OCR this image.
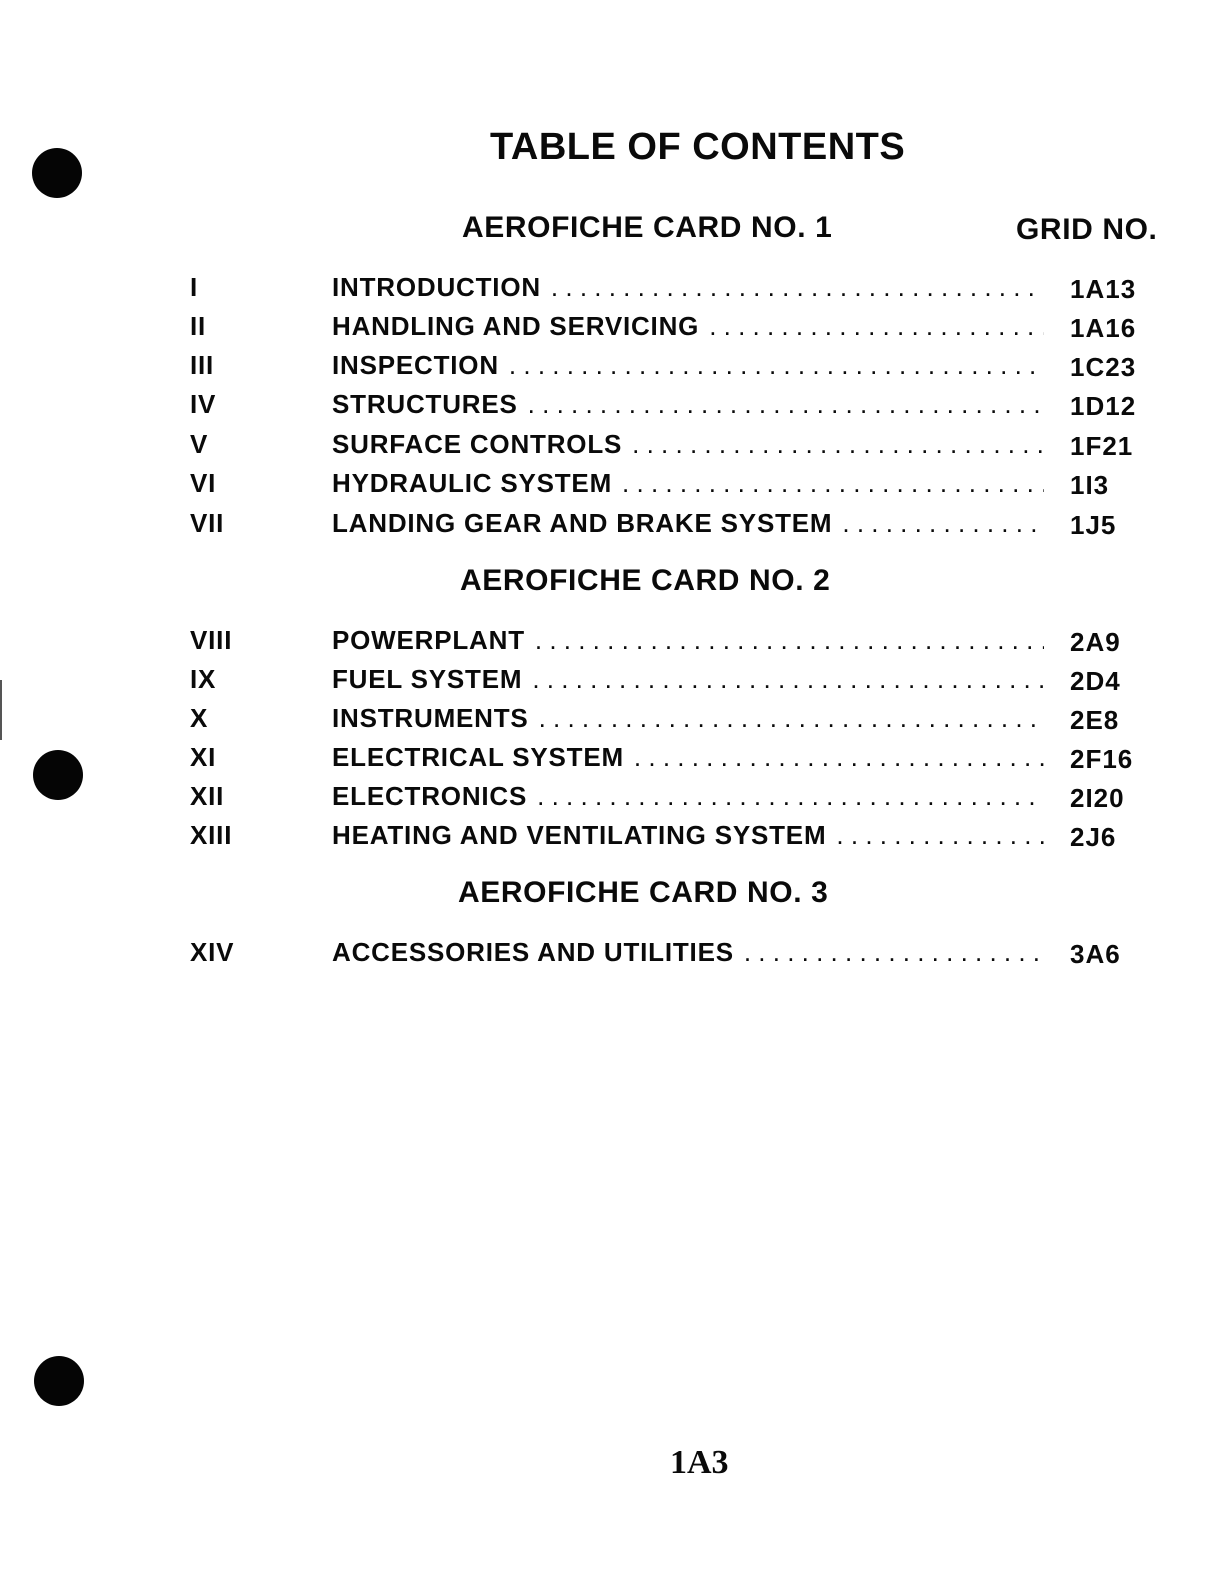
TABLE OF CONTENTS
AEROFICHE CARD NO. 1	GRID NO.
I	INTRODUCTION . . .	1A13
II	HANDLING AND SERVICING . . .	1A16
III	INSPECTION . . .	1C23
IV	STRUCTURES . . .	1D12
V	SURFACE CONTROLS . . .	1F21
VI	HYDRAULIC SYSTEM . . .	1I3
VII	LANDING GEAR AND BRAKE SYSTEM . . .	1J5
AEROFICHE CARD NO. 2
VIII	POWERPLANT . . .	2A9
IX	FUEL SYSTEM . . .	2D4
X	INSTRUMENTS . . .	2E8
XI	ELECTRICAL SYSTEM . . .	2F16
XII	ELECTRONICS . . .	2I20
XIII	HEATING AND VENTILATING SYSTEM . . .	2J6
AEROFICHE CARD NO. 3
XIV	ACCESSORIES AND UTILITIES . . .	3A6
1A3
